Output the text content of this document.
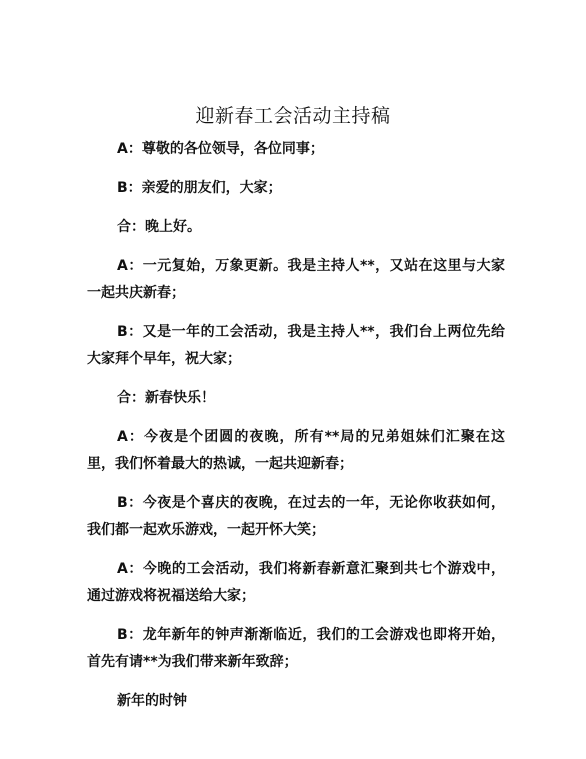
迎新春工会活动主持稿

A：尊敬的各位领导，各位同事；

B：亲爱的朋友们，大家；

合：晚上好。

A：一元复始，万象更新。我是主持人**，又站在这里与大家一起共庆新春；

B：又是一年的工会活动，我是主持人**，我们台上两位先给大家拜个早年，祝大家；

合：新春快乐！

A：今夜是个团圆的夜晚，所有**局的兄弟姐妹们汇聚在这里，我们怀着最大的热诚，一起共迎新春；

B：今夜是个喜庆的夜晚，在过去的一年，无论你收获如何，我们都一起欢乐游戏，一起开怀大笑；

A：今晚的工会活动，我们将新春新意汇聚到共七个游戏中，通过游戏将祝福送给大家；

B：龙年新年的钟声渐渐临近，我们的工会游戏也即将开始，首先有请**为我们带来新年致辞；

新年的时钟
